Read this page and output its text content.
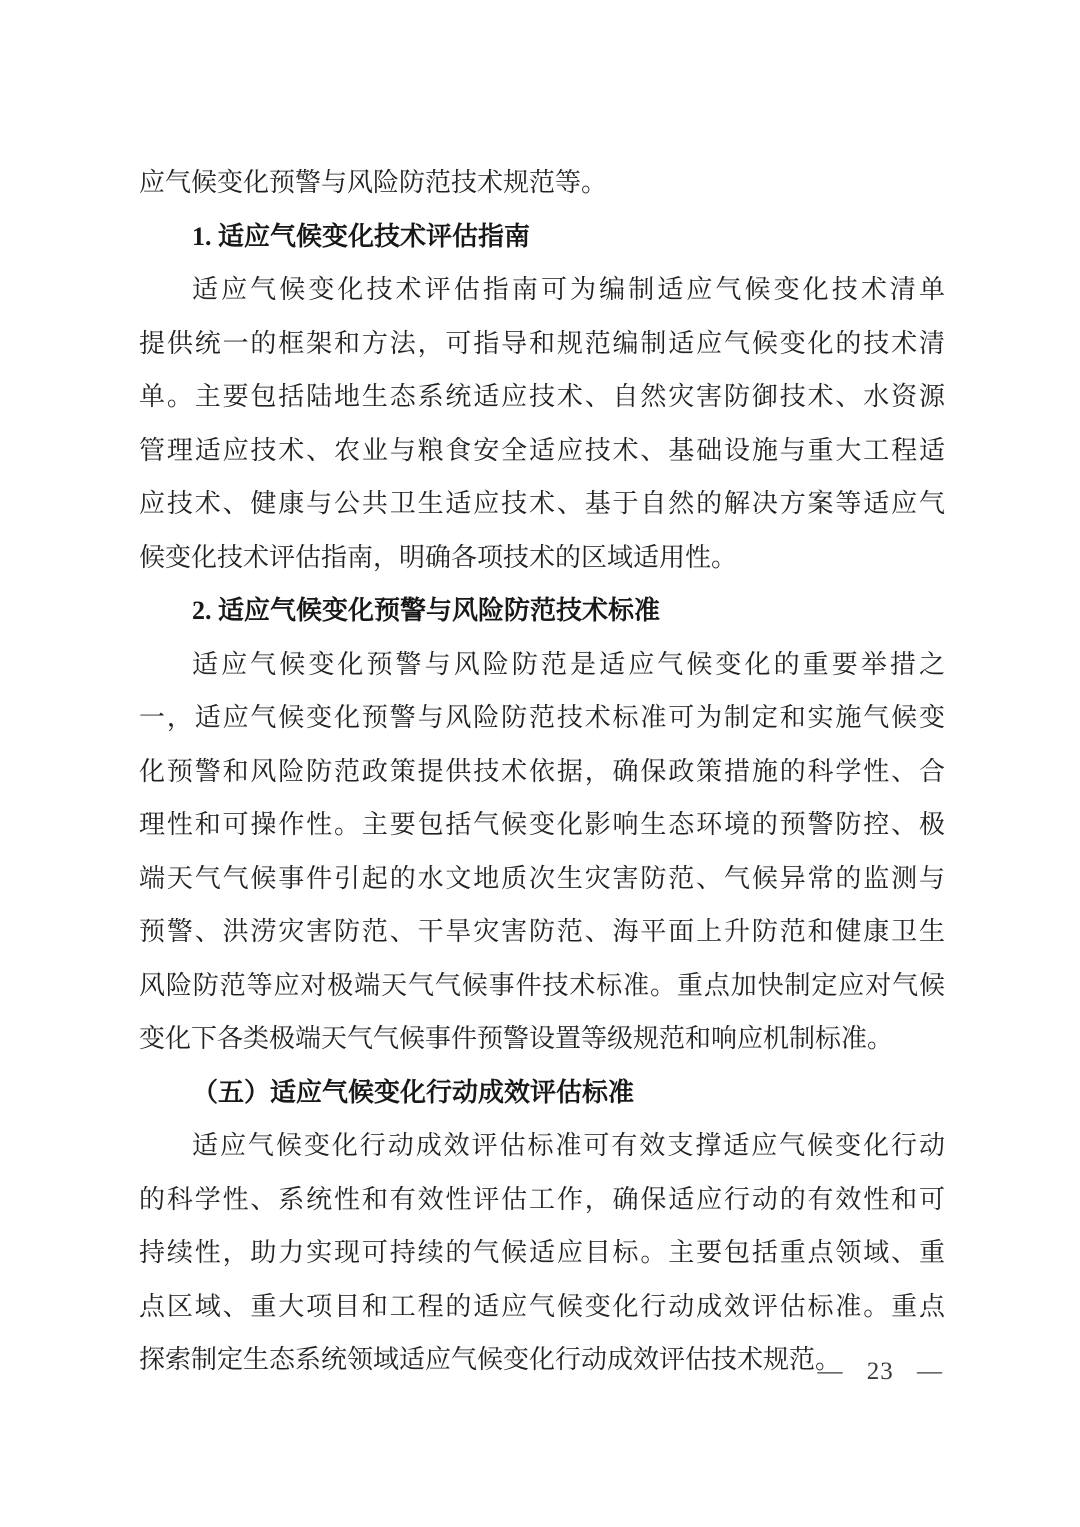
应气候变化预警与风险防范技术规范等。
1. 适应气候变化技术评估指南
适应气候变化技术评估指南可为编制适应气候变化技术清单
提供统一的框架和方法，可指导和规范编制适应气候变化的技术清
单。主要包括陆地生态系统适应技术、自然灾害防御技术、水资源
管理适应技术、农业与粮食安全适应技术、基础设施与重大工程适
应技术、健康与公共卫生适应技术、基于自然的解决方案等适应气
候变化技术评估指南，明确各项技术的区域适用性。
2. 适应气候变化预警与风险防范技术标准
适应气候变化预警与风险防范是适应气候变化的重要举措之
一，适应气候变化预警与风险防范技术标准可为制定和实施气候变
化预警和风险防范政策提供技术依据，确保政策措施的科学性、合
理性和可操作性。主要包括气候变化影响生态环境的预警防控、极
端天气气候事件引起的水文地质次生灾害防范、气候异常的监测与
预警、洪涝灾害防范、干旱灾害防范、海平面上升防范和健康卫生
风险防范等应对极端天气气候事件技术标准。重点加快制定应对气候
变化下各类极端天气气候事件预警设置等级规范和响应机制标准。
（五）适应气候变化行动成效评估标准
适应气候变化行动成效评估标准可有效支撑适应气候变化行动
的科学性、系统性和有效性评估工作，确保适应行动的有效性和可
持续性，助力实现可持续的气候适应目标。主要包括重点领域、重
点区域、重大项目和工程的适应气候变化行动成效评估标准。重点
探索制定生态系统领域适应气候变化行动成效评估技术规范。
— 23 —
